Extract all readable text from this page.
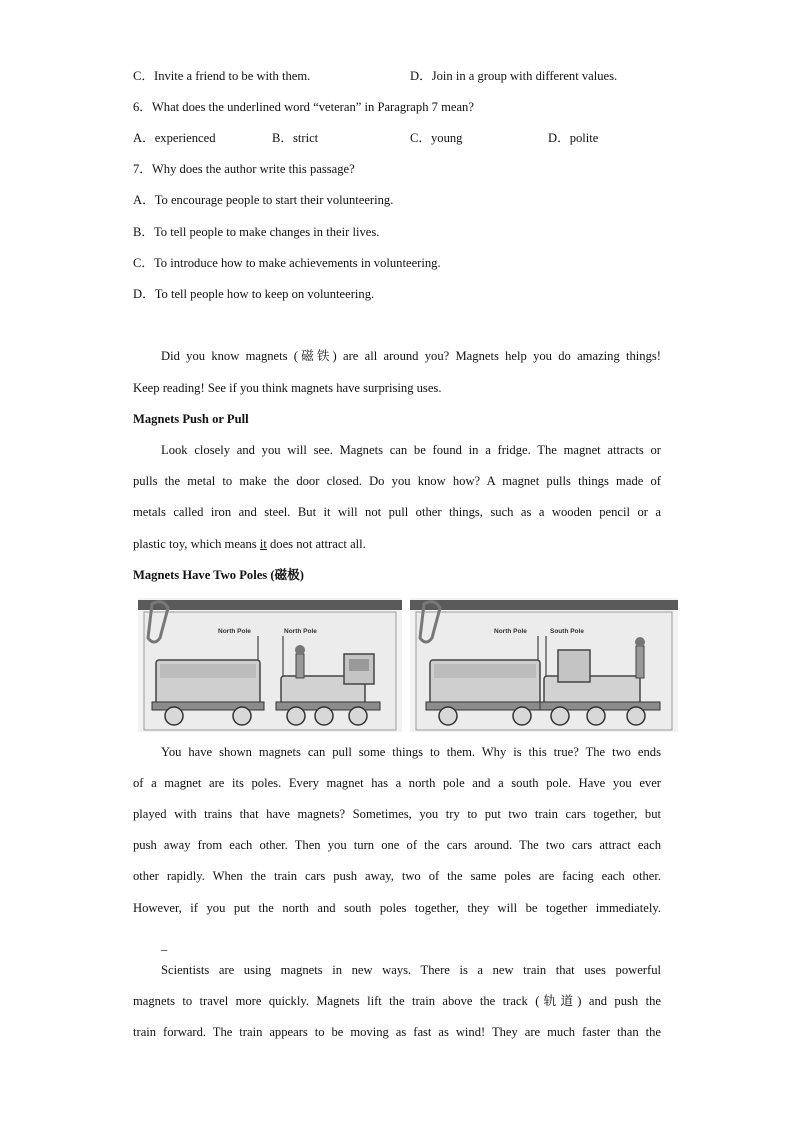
C．Invite a friend to be with them.	D．Join in a group with different values.
6．What does the underlined word “veteran” in Paragraph 7 mean?
A．experienced	B．strict	C．young	D．polite
7．Why does the author write this passage?
A．To encourage people to start their volunteering.
B．To tell people to make changes in their lives.
C．To introduce how to make achievements in volunteering.
D．To tell people how to keep on volunteering.
Did you know magnets (磁铁) are all around you? Magnets help you do amazing things!
Keep reading! See if you think magnets have surprising uses.
Magnets Push or Pull
Look closely and you will see. Magnets can be found in a fridge. The magnet attracts or
pulls the metal to make the door closed. Do you know how? A magnet pulls things made of
metals called iron and steel. But it will not pull other things, such as a wooden pencil or a
plastic toy, which means it does not attract all.
Magnets Have Two Poles (磁极)
North Pole	North Pole	North Pole	South Pole
You have shown magnets can pull some things to them. Why is this true? The two ends
of a magnet are its poles. Every magnet has a north pole and a south pole. Have you ever
played with trains that have magnets? Sometimes, you try to put two train cars together, but
push away from each other. Then you turn one of the cars around. The two cars attract each
other rapidly. When the train cars push away, two of the same poles are facing each other.
However, if you put the north and south poles together, they will be together immediately.
_
Scientists are using magnets in new ways. There is a new train that uses powerful
magnets to travel more quickly. Magnets lift the train above the track (轨道) and push the
train forward. The train appears to be moving as fast as wind! They are much faster than the
